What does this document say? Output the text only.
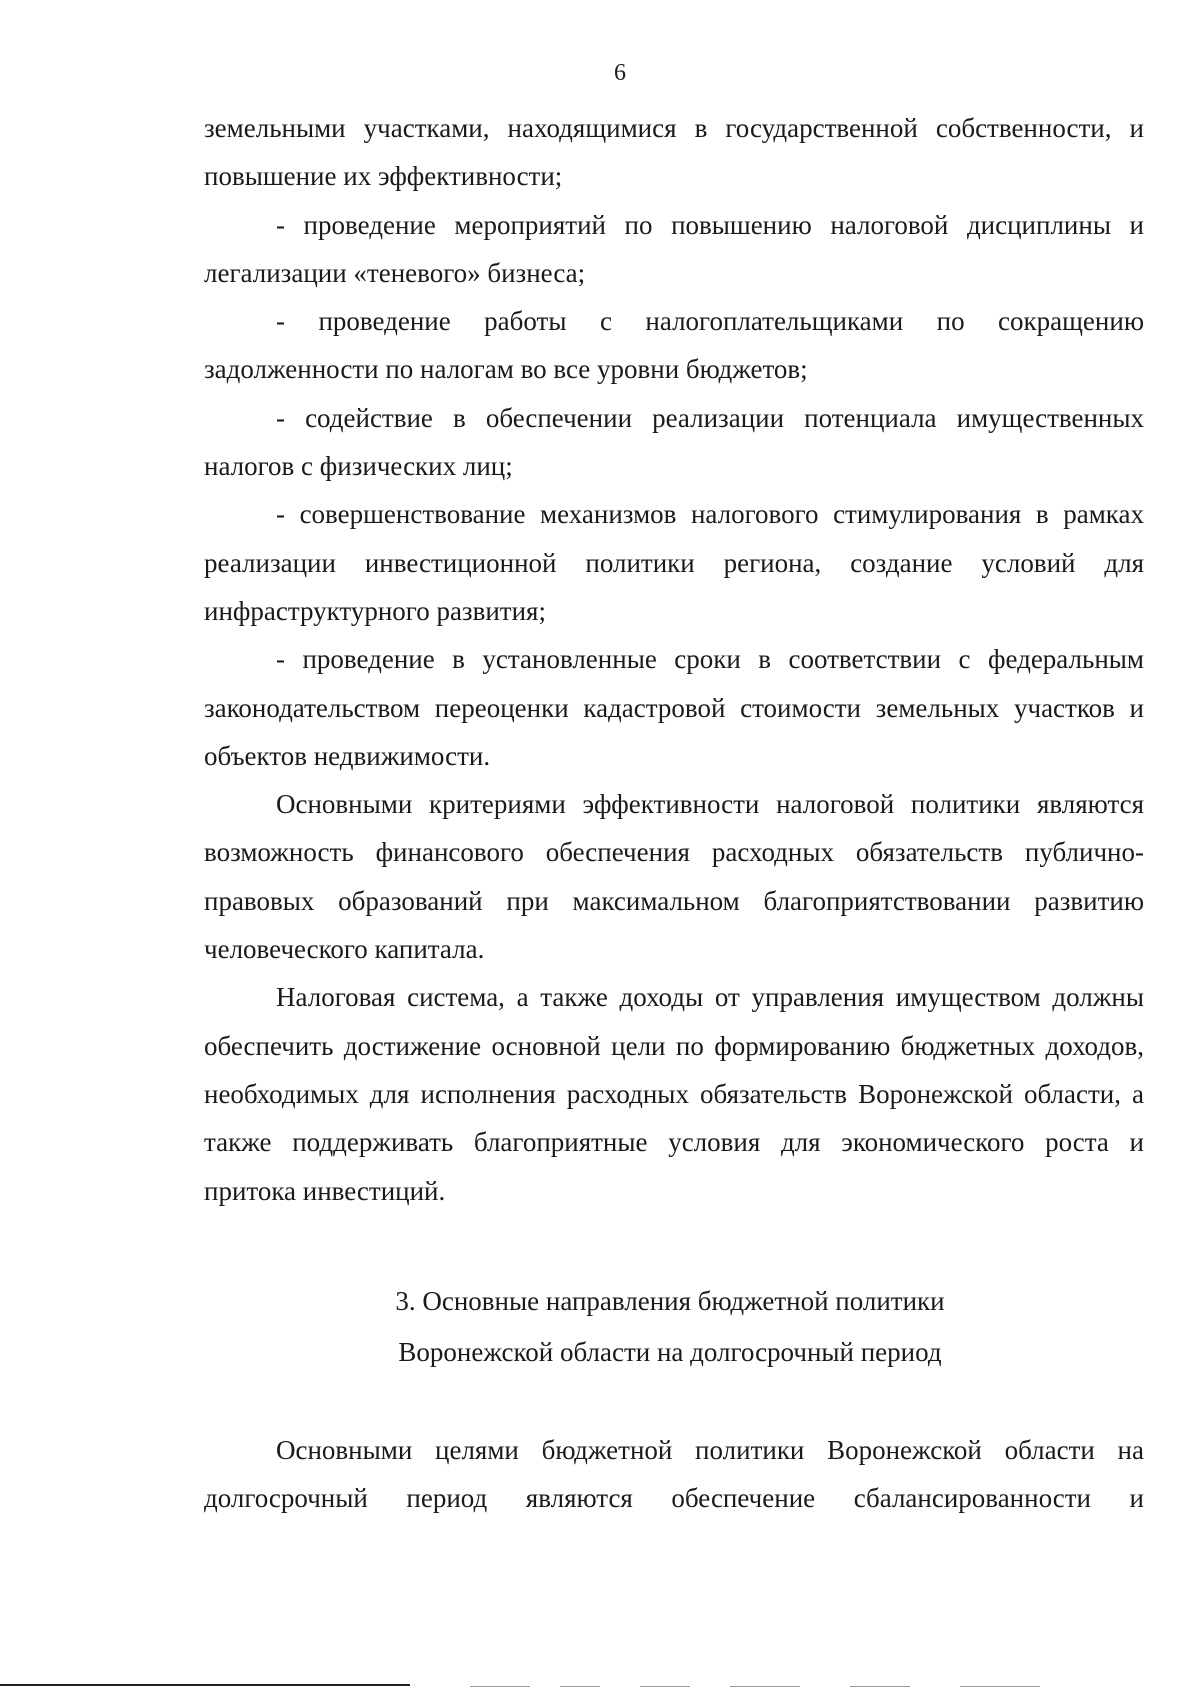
6

земельными участками, находящимися в государственной собственности, и повышение их эффективности;

- проведение мероприятий по повышению налоговой дисциплины и легализации «теневого» бизнеса;

- проведение работы с налогоплательщиками по сокращению задолженности по налогам во все уровни бюджетов;

- содействие в обеспечении реализации потенциала имущественных налогов с физических лиц;

- совершенствование механизмов налогового стимулирования в рамках реализации инвестиционной политики региона, создание условий для инфраструктурного развития;

- проведение в установленные сроки в соответствии с федеральным законодательством переоценки кадастровой стоимости земельных участков и объектов недвижимости.

Основными критериями эффективности налоговой политики являются возможность финансового обеспечения расходных обязательств публично-правовых образований при максимальном благоприятствовании развитию человеческого капитала.

Налоговая система, а также доходы от управления имуществом должны обеспечить достижение основной цели по формированию бюджетных доходов, необходимых для исполнения расходных обязательств Воронежской области, а также поддерживать благоприятные условия для экономического роста и притока инвестиций.

3. Основные направления бюджетной политики
Воронежской области на долгосрочный период

Основными целями бюджетной политики Воронежской области на долгосрочный период являются обеспечение сбалансированности и
